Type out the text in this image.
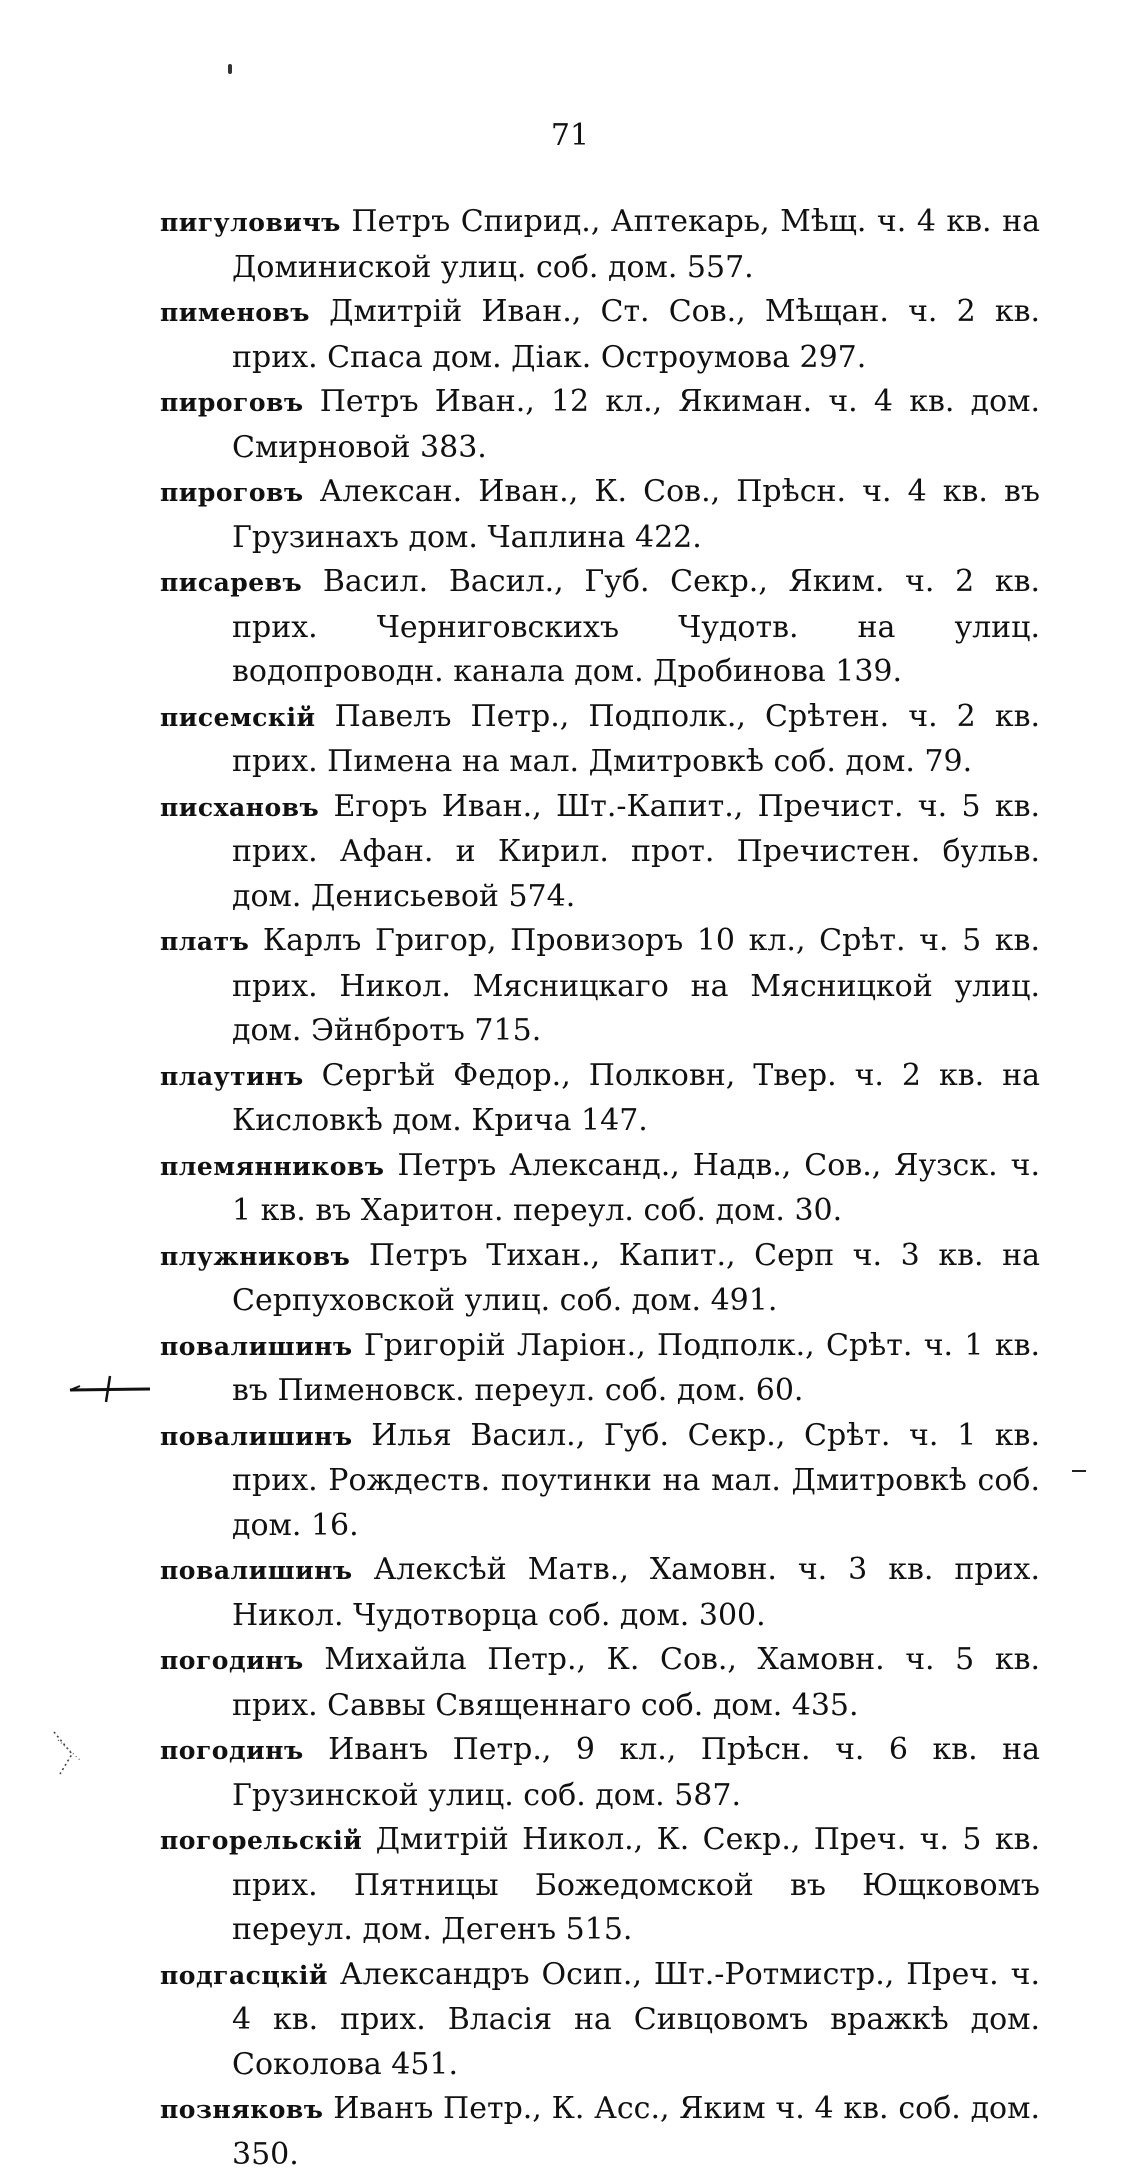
71

пигуловичъ Петръ Спирид., Аптекарь, Мѣщ. ч. 4 кв. на Доминиской улиц. соб. дом. 557.

пименовъ Дмитрій Иван., Ст. Сов., Мѣщан. ч. 2 кв. прих. Спаса дом. Діак. Остроумова 297.

пироговъ Петръ Иван., 12 кл., Якиман. ч. 4 кв. дом. Смирновой 383.

пироговъ Алексан. Иван., К. Сов., Прѣсн. ч. 4 кв. въ Грузинахъ дом. Чаплина 422.

писаревъ Васил. Васил., Губ. Секр., Яким. ч. 2 кв. прих. Черниговскихъ Чудотв. на улиц. водопроводн. канала дом. Дробинова 139.

писемскій Павелъ Петр., Подполк., Срѣтен. ч. 2 кв. прих. Пимена на мал. Дмитровкѣ соб. дом. 79.

писхановъ Егоръ Иван., Шт.-Капит., Пречист. ч. 5 кв. прих. Афан. и Кирил. прот. Пречистен. бульв. дом. Денисьевой 574.

платъ Карлъ Григор, Провизоръ 10 кл., Срѣт. ч. 5 кв. прих. Никол. Мясницкаго на Мясницкой улиц. дом. Эйнбротъ 715.

плаутинъ Сергѣй Федор., Полковн, Твер. ч. 2 кв. на Кисловкѣ дом. Крича 147.

племянниковъ Петръ Александ., Надв., Сов., Яузск. ч. 1 кв. въ Харитон. переул. соб. дом. 30.

плужниковъ Петръ Тихан., Капит., Серп ч. 3 кв. на Серпуховской улиц. соб. дом. 491.

повалишинъ Григорій Ларіон., Подполк., Срѣт. ч. 1 кв. въ Пименовск. переул. соб. дом. 60.

повалишинъ Илья Васил., Губ. Секр., Срѣт. ч. 1 кв. прих. Рождеств. поутинки на мал. Дмитровкѣ соб. дом. 16.

повалишинъ Алексѣй Матв., Хамовн. ч. 3 кв. прих. Никол. Чудотворца соб. дом. 300.

погодинъ Михайла Петр., К. Сов., Хамовн. ч. 5 кв. прих. Саввы Священнаго соб. дом. 435.

погодинъ Иванъ Петр., 9 кл., Прѣсн. ч. 6 кв. на Грузинской улиц. соб. дом. 587.

погорельскій Дмитрій Никол., К. Секр., Преч. ч. 5 кв. прих. Пятницы Божедомской въ Ющковомъ переул. дом. Дегенъ 515.

подгасцкій Александръ Осип., Шт.-Ротмистр., Преч. ч. 4 кв. прих. Власія на Сивцовомъ вражкѣ дом. Соколова 451.

позняковъ Иванъ Петр., К. Асс., Яким ч. 4 кв. соб. дом. 350.
